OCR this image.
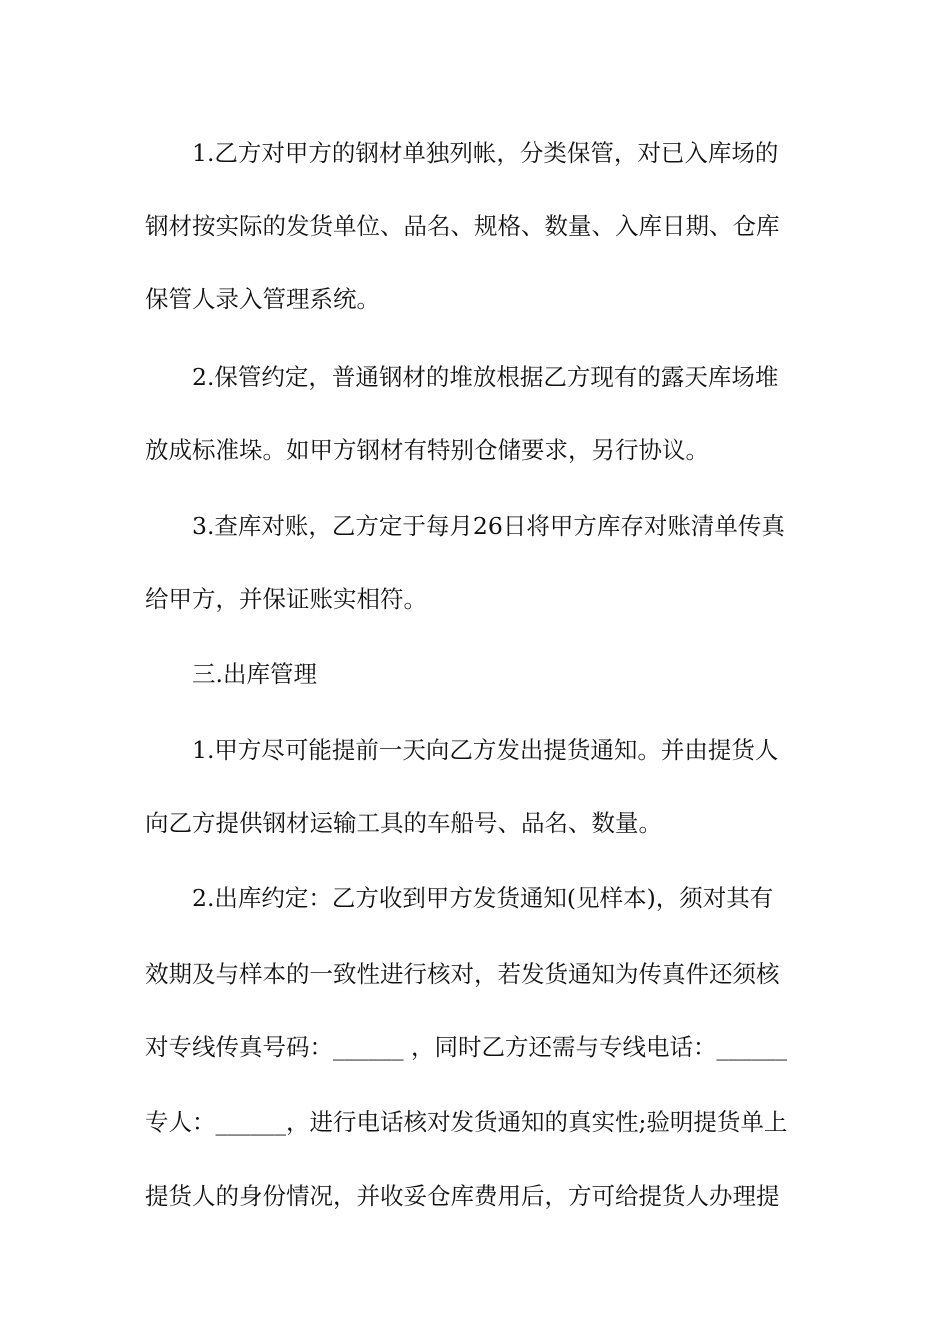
1.乙方对甲方的钢材单独列帐，分类保管，对已入库场的
钢材按实际的发货单位、品名、规格、数量、入库日期、仓库
保管人录入管理系统。
2.保管约定，普通钢材的堆放根据乙方现有的露天库场堆
放成标准垛。如甲方钢材有特别仓储要求，另行协议。
3.查库对账，乙方定于每月26日将甲方库存对账清单传真
给甲方，并保证账实相符。
三.出库管理
1.甲方尽可能提前一天向乙方发出提货通知。并由提货人
向乙方提供钢材运输工具的车船号、品名、数量。
2.出库约定：乙方收到甲方发货通知(见样本)，须对其有
效期及与样本的一致性进行核对，若发货通知为传真件还须核
对专线传真号码：______ ，同时乙方还需与专线电话：______
专人：______，进行电话核对发货通知的真实性;验明提货单上
提货人的身份情况，并收妥仓库费用后，方可给提货人办理提
